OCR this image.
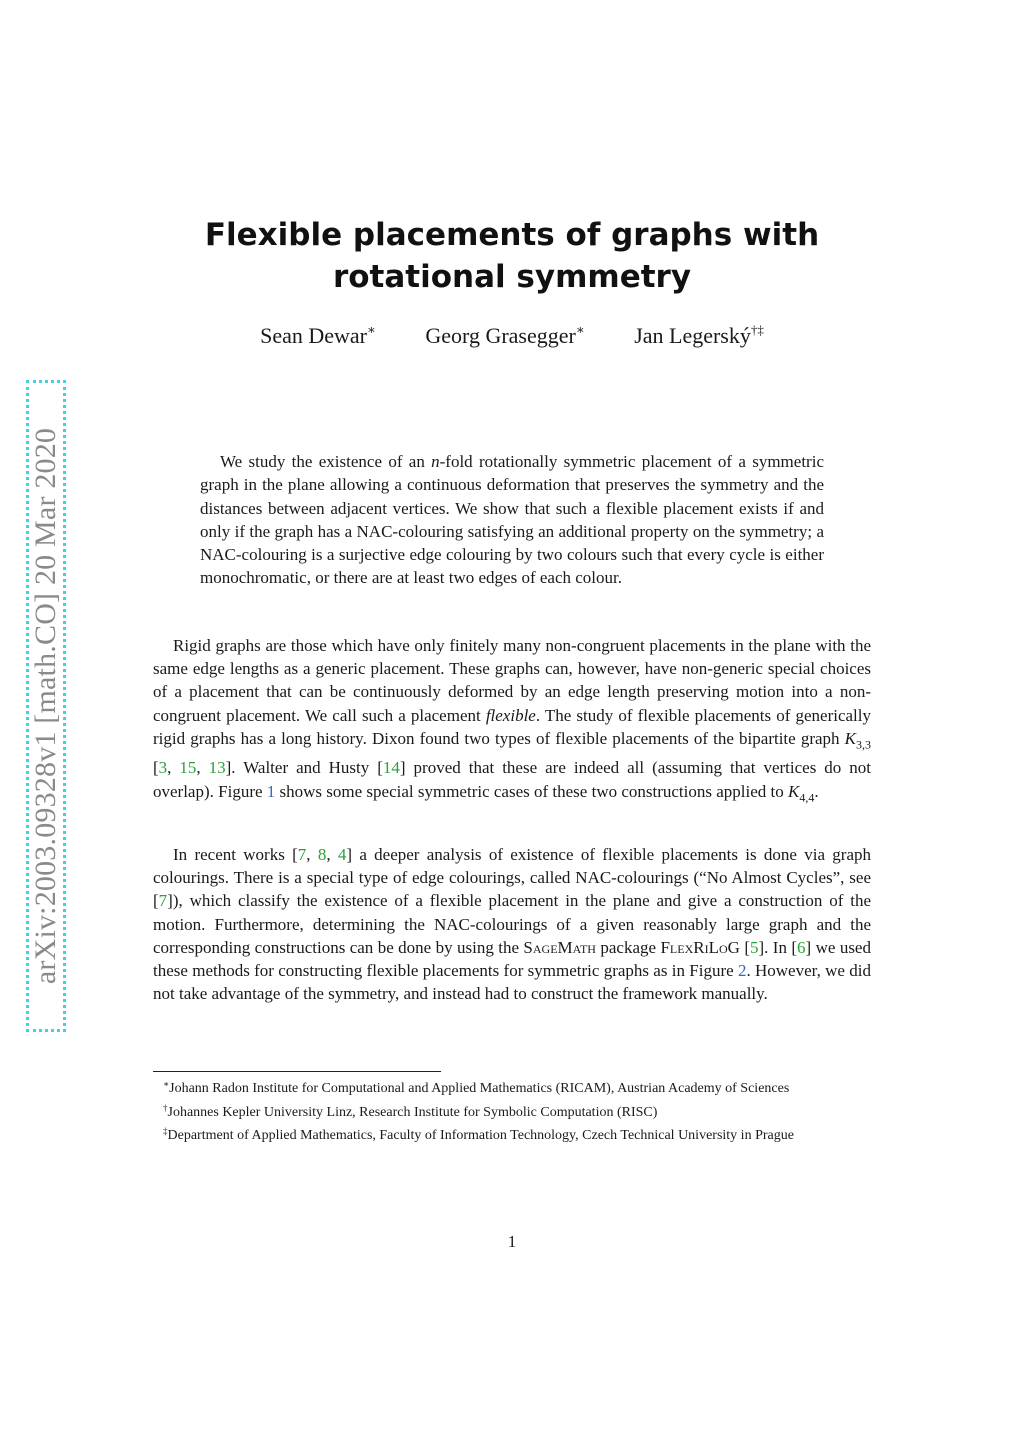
arXiv:2003.09328v1 [math.CO] 20 Mar 2020
Flexible placements of graphs with
rotational symmetry
Sean Dewar∗ Georg Grasegger∗ Jan Legerský†‡
We study the existence of an n-fold rotationally symmetric placement of a symmetric graph in the plane allowing a continuous deformation that preserves the symmetry and the distances between adjacent vertices. We show that such a flexible placement exists if and only if the graph has a NAC-colouring satisfying an additional property on the symmetry; a NAC-colouring is a surjective edge colouring by two colours such that every cycle is either monochromatic, or there are at least two edges of each colour.
Rigid graphs are those which have only finitely many non-congruent placements in the plane with the same edge lengths as a generic placement. These graphs can, however, have non-generic special choices of a placement that can be continuously deformed by an edge length preserving motion into a non-congruent placement. We call such a placement flexible. The study of flexible placements of generically rigid graphs has a long history. Dixon found two types of flexible placements of the bipartite graph $K_{3,3}$ [3, 15, 13]. Walter and Husty [14] proved that these are indeed all (assuming that vertices do not overlap). Figure 1 shows some special symmetric cases of these two constructions applied to $K_{4,4}$.
In recent works [7, 8, 4] a deeper analysis of existence of flexible placements is done via graph colourings. There is a special type of edge colourings, called NAC-colourings (“No Almost Cycles”, see [7]), which classify the existence of a flexible placement in the plane and give a construction of the motion. Furthermore, determining the NAC-colourings of a given reasonably large graph and the corresponding constructions can be done by using the SageMath package FlexRiLoG [5]. In [6] we used these methods for constructing flexible placements for symmetric graphs as in Figure 2. However, we did not take advantage of the symmetry, and instead had to construct the framework manually.
∗Johann Radon Institute for Computational and Applied Mathematics (RICAM), Austrian Academy of Sciences
†Johannes Kepler University Linz, Research Institute for Symbolic Computation (RISC)
‡Department of Applied Mathematics, Faculty of Information Technology, Czech Technical University in Prague
1
